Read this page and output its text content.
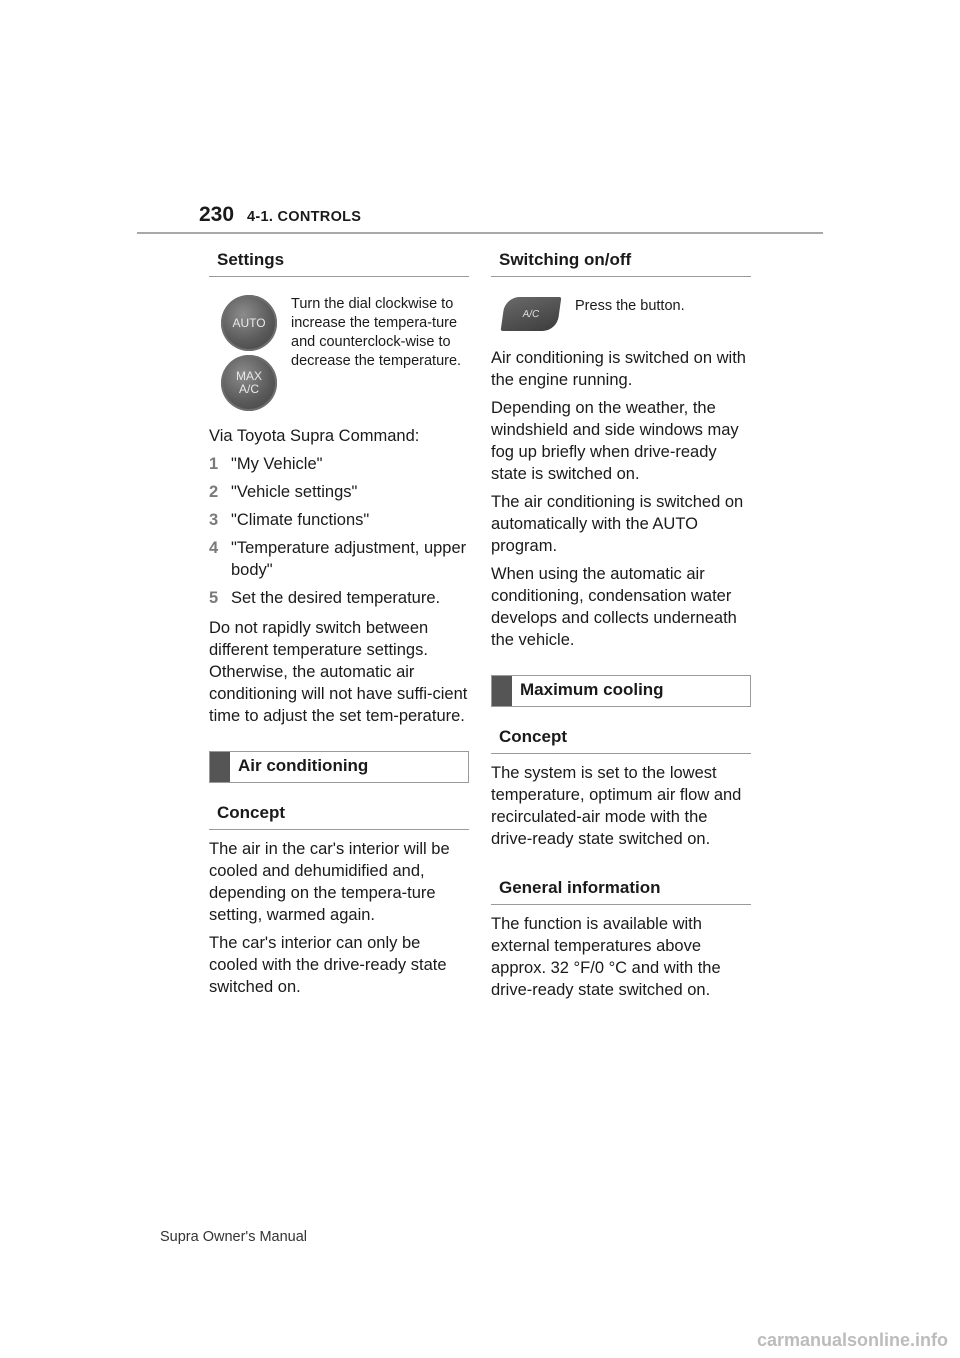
230 4-1. CONTROLS
Settings
AUTO
MAX
A/C
Turn the dial clockwise to increase the tempera-ture and counterclock-wise to decrease the temperature.

Via Toyota Supra Command:

1 "My Vehicle"
2 "Vehicle settings"
3 "Climate functions"
4 "Temperature adjustment, upper body"
5 Set the desired temperature.

Do not rapidly switch between different temperature settings. Otherwise, the automatic air conditioning will not have suffi-cient time to adjust the set tem-perature.

Air conditioning
Concept

The air in the car's interior will be cooled and dehumidified and, depending on the tempera-ture setting, warmed again.

The car's interior can only be cooled with the drive-ready state switched on.

Switching on/off
A/C Press the button.

Air conditioning is switched on with the engine running.

Depending on the weather, the windshield and side windows may fog up briefly when drive-ready state is switched on.

The air conditioning is switched on automatically with the AUTO program.

When using the automatic air conditioning, condensation water develops and collects underneath the vehicle.

Maximum cooling
Concept

The system is set to the lowest temperature, optimum air flow and recirculated-air mode with the drive-ready state switched on.

General information

The function is available with external temperatures above approx. 32 °F/0 °C and with the drive-ready state switched on.

Supra Owner's Manual
carmanualsonline.info
